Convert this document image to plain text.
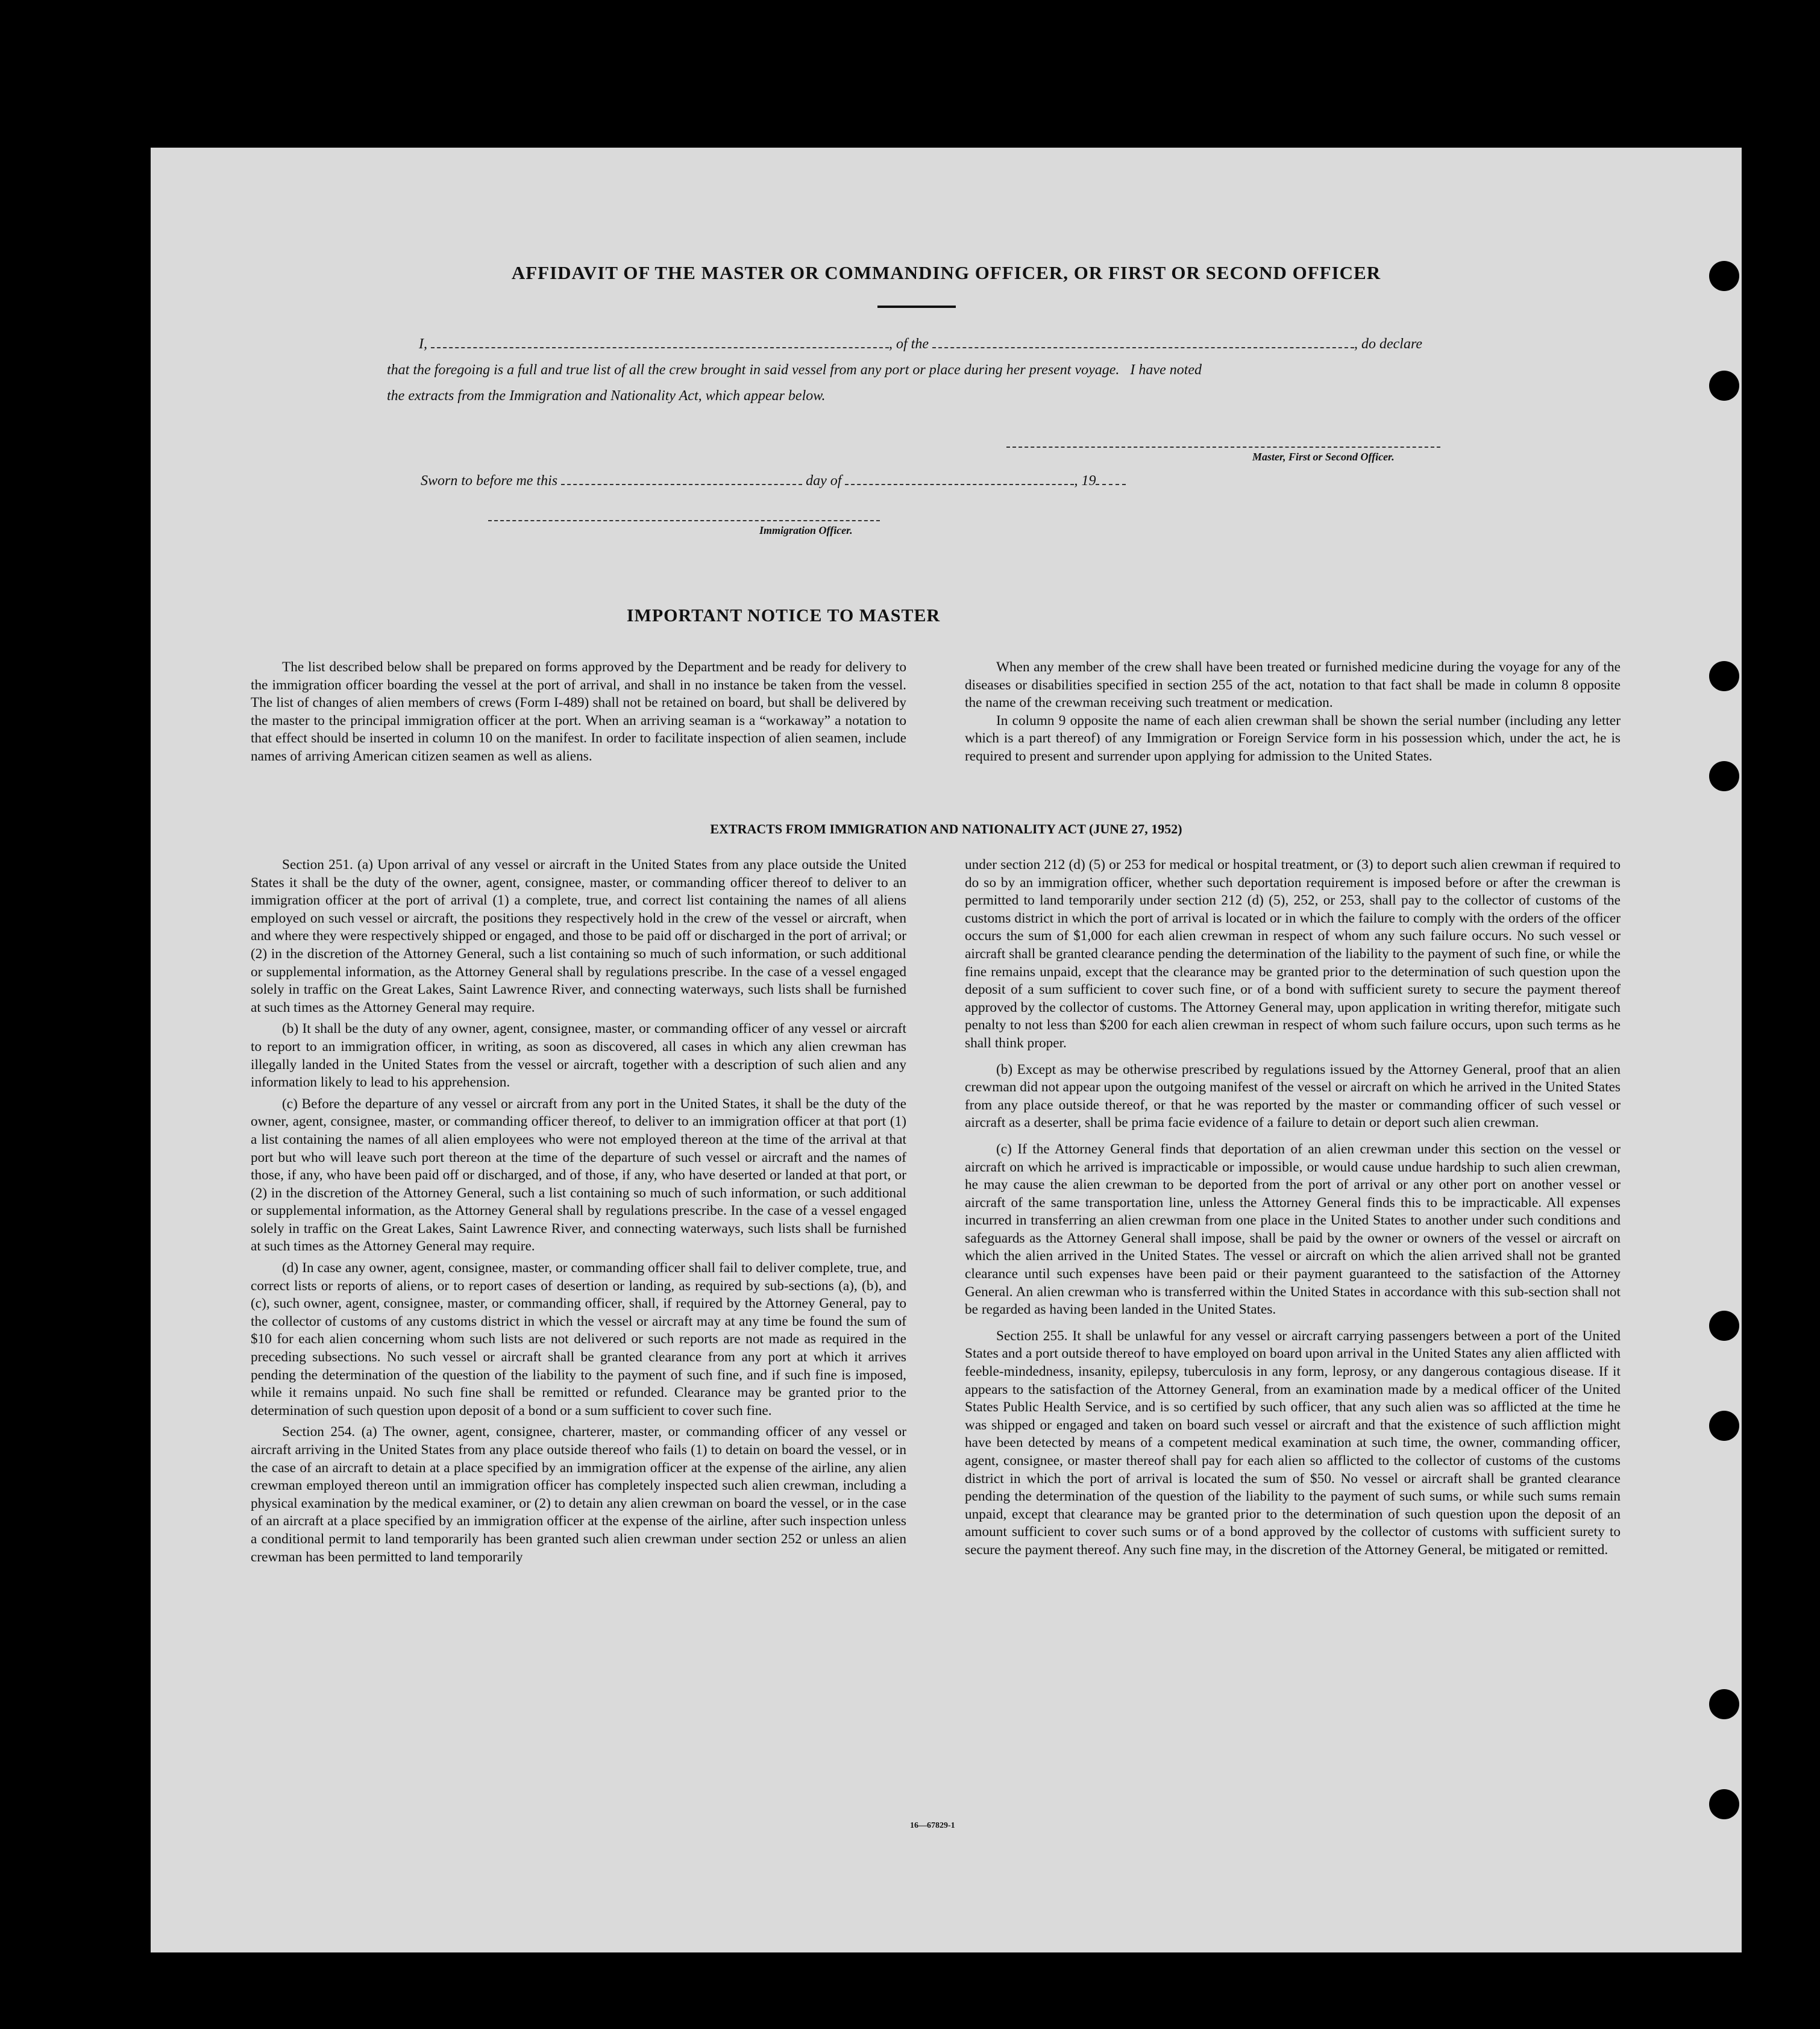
AFFIDAVIT OF THE MASTER OR COMMANDING OFFICER, OR FIRST OR SECOND OFFICER
I,	, of the	, do declare
that the foregoing is a full and true list of all the crew brought in said vessel from any port or place during her present voyage.   I have noted
the extracts from the Immigration and Nationality Act, which appear below.
Master, First or Second Officer.
Sworn to before me this	day of	, 19
Immigration Officer.
IMPORTANT NOTICE TO MASTER

The list described below shall be prepared on forms approved by the Department and be ready for delivery to the immigration officer boarding the vessel at the port of arrival, and shall in no instance be taken from the vessel. The list of changes of alien members of crews (Form I-489) shall not be retained on board, but shall be delivered by the master to the principal immigration officer at the port. When an arriving seaman is a “workaway” a notation to that effect should be inserted in column 10 on the manifest. In order to facilitate inspection of alien seamen, include names of arriving American citizen seamen as well as aliens.

When any member of the crew shall have been treated or furnished medicine during the voyage for any of the diseases or disabilities specified in section 255 of the act, notation to that fact shall be made in column 8 opposite the name of the crewman receiving such treatment or medication.

In column 9 opposite the name of each alien crewman shall be shown the serial number (including any letter which is a part thereof) of any Immigration or Foreign Service form in his possession which, under the act, he is required to present and surrender upon applying for admission to the United States.

EXTRACTS FROM IMMIGRATION AND NATIONALITY ACT (JUNE 27, 1952)

Section 251. (a) Upon arrival of any vessel or aircraft in the United States from any place outside the United States it shall be the duty of the owner, agent, consignee, master, or commanding officer thereof to deliver to an immigration officer at the port of arrival (1) a complete, true, and correct list containing the names of all aliens employed on such vessel or aircraft, the positions they respectively hold in the crew of the vessel or aircraft, when and where they were respectively shipped or engaged, and those to be paid off or discharged in the port of arrival; or (2) in the discretion of the Attorney General, such a list containing so much of such information, or such additional or supplemental information, as the Attorney General shall by regulations prescribe. In the case of a vessel engaged solely in traffic on the Great Lakes, Saint Lawrence River, and connecting waterways, such lists shall be furnished at such times as the Attorney General may require.

(b) It shall be the duty of any owner, agent, consignee, master, or commanding officer of any vessel or aircraft to report to an immigration officer, in writing, as soon as discovered, all cases in which any alien crewman has illegally landed in the United States from the vessel or aircraft, together with a description of such alien and any information likely to lead to his apprehension.

(c) Before the departure of any vessel or aircraft from any port in the United States, it shall be the duty of the owner, agent, consignee, master, or commanding officer thereof, to deliver to an immigration officer at that port (1) a list containing the names of all alien employees who were not employed thereon at the time of the arrival at that port but who will leave such port thereon at the time of the departure of such vessel or aircraft and the names of those, if any, who have been paid off or discharged, and of those, if any, who have deserted or landed at that port, or (2) in the discretion of the Attorney General, such a list containing so much of such information, or such additional or supplemental information, as the Attorney General shall by regulations prescribe. In the case of a vessel engaged solely in traffic on the Great Lakes, Saint Lawrence River, and connecting waterways, such lists shall be furnished at such times as the Attorney General may require.

(d) In case any owner, agent, consignee, master, or commanding officer shall fail to deliver complete, true, and correct lists or reports of aliens, or to report cases of desertion or landing, as required by sub-sections (a), (b), and (c), such owner, agent, consignee, master, or commanding officer, shall, if required by the Attorney General, pay to the collector of customs of any customs district in which the vessel or aircraft may at any time be found the sum of $10 for each alien concerning whom such lists are not delivered or such reports are not made as required in the preceding subsections. No such vessel or aircraft shall be granted clearance from any port at which it arrives pending the determination of the question of the liability to the payment of such fine, and if such fine is imposed, while it remains unpaid. No such fine shall be remitted or refunded. Clearance may be granted prior to the determination of such question upon deposit of a bond or a sum sufficient to cover such fine.

Section 254. (a) The owner, agent, consignee, charterer, master, or commanding officer of any vessel or aircraft arriving in the United States from any place outside thereof who fails (1) to detain on board the vessel, or in the case of an aircraft to detain at a place specified by an immigration officer at the expense of the airline, any alien crewman employed thereon until an immigration officer has completely inspected such alien crewman, including a physical examination by the medical examiner, or (2) to detain any alien crewman on board the vessel, or in the case of an aircraft at a place specified by an immigration officer at the expense of the airline, after such inspection unless a conditional permit to land temporarily has been granted such alien crewman under section 252 or unless an alien crewman has been permitted to land temporarily

under section 212 (d) (5) or 253 for medical or hospital treatment, or (3) to deport such alien crewman if required to do so by an immigration officer, whether such deportation requirement is imposed before or after the crewman is permitted to land temporarily under section 212 (d) (5), 252, or 253, shall pay to the collector of customs of the customs district in which the port of arrival is located or in which the failure to comply with the orders of the officer occurs the sum of $1,000 for each alien crewman in respect of whom any such failure occurs. No such vessel or aircraft shall be granted clearance pending the determination of the liability to the payment of such fine, or while the fine remains unpaid, except that the clearance may be granted prior to the determination of such question upon the deposit of a sum sufficient to cover such fine, or of a bond with sufficient surety to secure the payment thereof approved by the collector of customs. The Attorney General may, upon application in writing therefor, mitigate such penalty to not less than $200 for each alien crewman in respect of whom such failure occurs, upon such terms as he shall think proper.

(b) Except as may be otherwise prescribed by regulations issued by the Attorney General, proof that an alien crewman did not appear upon the outgoing manifest of the vessel or aircraft on which he arrived in the United States from any place outside thereof, or that he was reported by the master or commanding officer of such vessel or aircraft as a deserter, shall be prima facie evidence of a failure to detain or deport such alien crewman.

(c) If the Attorney General finds that deportation of an alien crewman under this section on the vessel or aircraft on which he arrived is impracticable or impossible, or would cause undue hardship to such alien crewman, he may cause the alien crewman to be deported from the port of arrival or any other port on another vessel or aircraft of the same transportation line, unless the Attorney General finds this to be impracticable. All expenses incurred in transferring an alien crewman from one place in the United States to another under such conditions and safeguards as the Attorney General shall impose, shall be paid by the owner or owners of the vessel or aircraft on which the alien arrived in the United States. The vessel or aircraft on which the alien arrived shall not be granted clearance until such expenses have been paid or their payment guaranteed to the satisfaction of the Attorney General. An alien crewman who is transferred within the United States in accordance with this sub-section shall not be regarded as having been landed in the United States.

Section 255. It shall be unlawful for any vessel or aircraft carrying passengers between a port of the United States and a port outside thereof to have employed on board upon arrival in the United States any alien afflicted with feeble-mindedness, insanity, epilepsy, tuberculosis in any form, leprosy, or any dangerous contagious disease. If it appears to the satisfaction of the Attorney General, from an examination made by a medical officer of the United States Public Health Service, and is so certified by such officer, that any such alien was so afflicted at the time he was shipped or engaged and taken on board such vessel or aircraft and that the existence of such affliction might have been detected by means of a competent medical examination at such time, the owner, commanding officer, agent, consignee, or master thereof shall pay for each alien so afflicted to the collector of customs of the customs district in which the port of arrival is located the sum of $50. No vessel or aircraft shall be granted clearance pending the determination of the question of the liability to the payment of such sums, or while such sums remain unpaid, except that clearance may be granted prior to the determination of such question upon the deposit of an amount sufficient to cover such sums or of a bond approved by the collector of customs with sufficient surety to secure the payment thereof. Any such fine may, in the discretion of the Attorney General, be mitigated or remitted.

16—67829-1
